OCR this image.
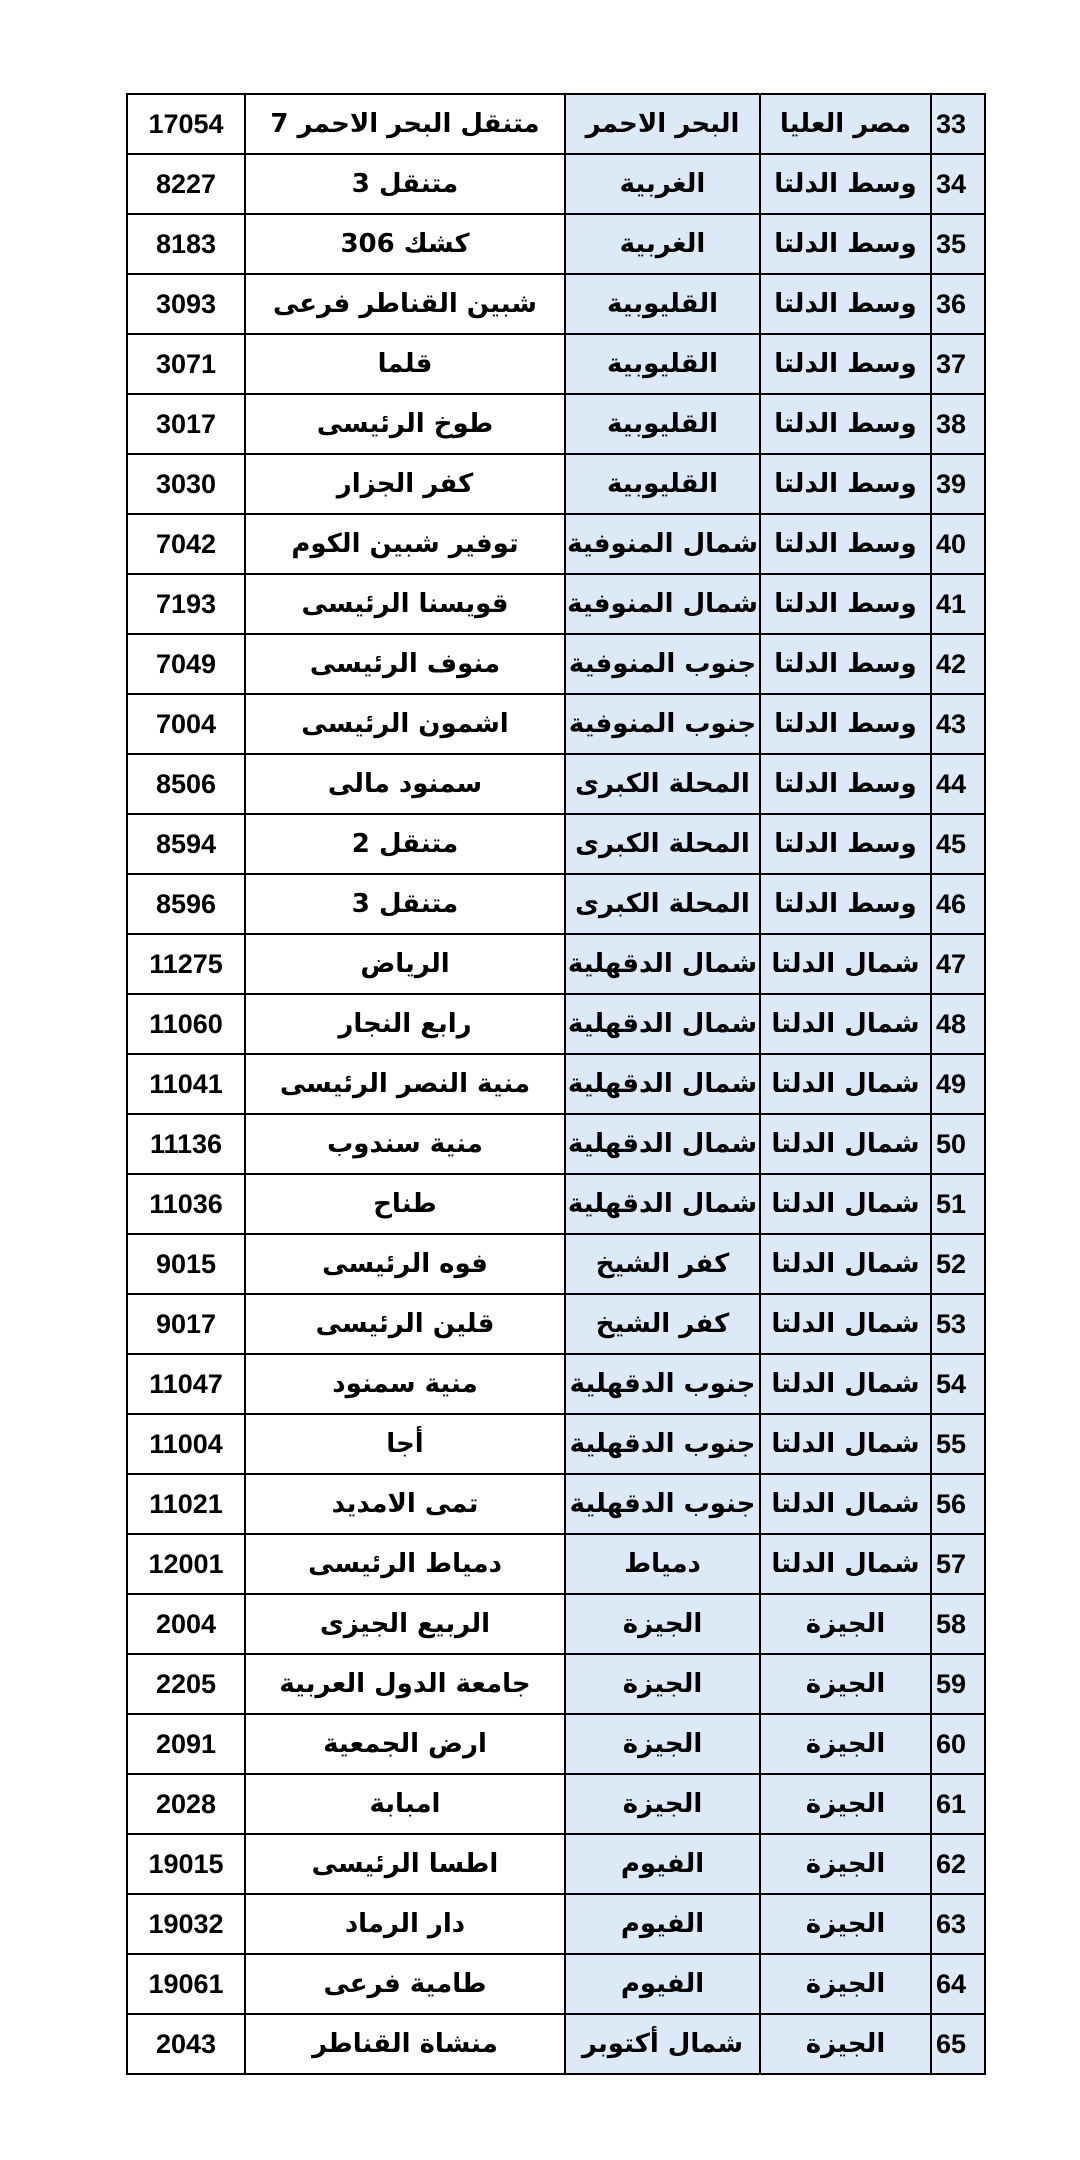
17054	متنقل البحر الاحمر 7	البحر الاحمر	مصر العليا	33
8227	متنقل 3	الغربية	وسط الدلتا	34
8183	كشك 306	الغربية	وسط الدلتا	35
3093	شبين القناطر فرعى	القليوبية	وسط الدلتا	36
3071	قلما	القليوبية	وسط الدلتا	37
3017	طوخ الرئيسى	القليوبية	وسط الدلتا	38
3030	كفر الجزار	القليوبية	وسط الدلتا	39
7042	توفير شبين الكوم	شمال المنوفية	وسط الدلتا	40
7193	قويسنا الرئيسى	شمال المنوفية	وسط الدلتا	41
7049	منوف الرئيسى	جنوب المنوفية	وسط الدلتا	42
7004	اشمون الرئيسى	جنوب المنوفية	وسط الدلتا	43
8506	سمنود مالى	المحلة الكبرى	وسط الدلتا	44
8594	متنقل 2	المحلة الكبرى	وسط الدلتا	45
8596	متنقل 3	المحلة الكبرى	وسط الدلتا	46
11275	الرياض	شمال الدقهلية	شمال الدلتا	47
11060	رابع النجار	شمال الدقهلية	شمال الدلتا	48
11041	منية النصر الرئيسى	شمال الدقهلية	شمال الدلتا	49
11136	منية سندوب	شمال الدقهلية	شمال الدلتا	50
11036	طناح	شمال الدقهلية	شمال الدلتا	51
9015	فوه الرئيسى	كفر الشيخ	شمال الدلتا	52
9017	قلين الرئيسى	كفر الشيخ	شمال الدلتا	53
11047	منية سمنود	جنوب الدقهلية	شمال الدلتا	54
11004	أجا	جنوب الدقهلية	شمال الدلتا	55
11021	تمى الامديد	جنوب الدقهلية	شمال الدلتا	56
12001	دمياط الرئيسى	دمياط	شمال الدلتا	57
2004	الربيع الجيزى	الجيزة	الجيزة	58
2205	جامعة الدول العربية	الجيزة	الجيزة	59
2091	ارض الجمعية	الجيزة	الجيزة	60
2028	امبابة	الجيزة	الجيزة	61
19015	اطسا الرئيسى	الفيوم	الجيزة	62
19032	دار الرماد	الفيوم	الجيزة	63
19061	طامية فرعى	الفيوم	الجيزة	64
2043	منشاة القناطر	شمال أكتوبر	الجيزة	65
